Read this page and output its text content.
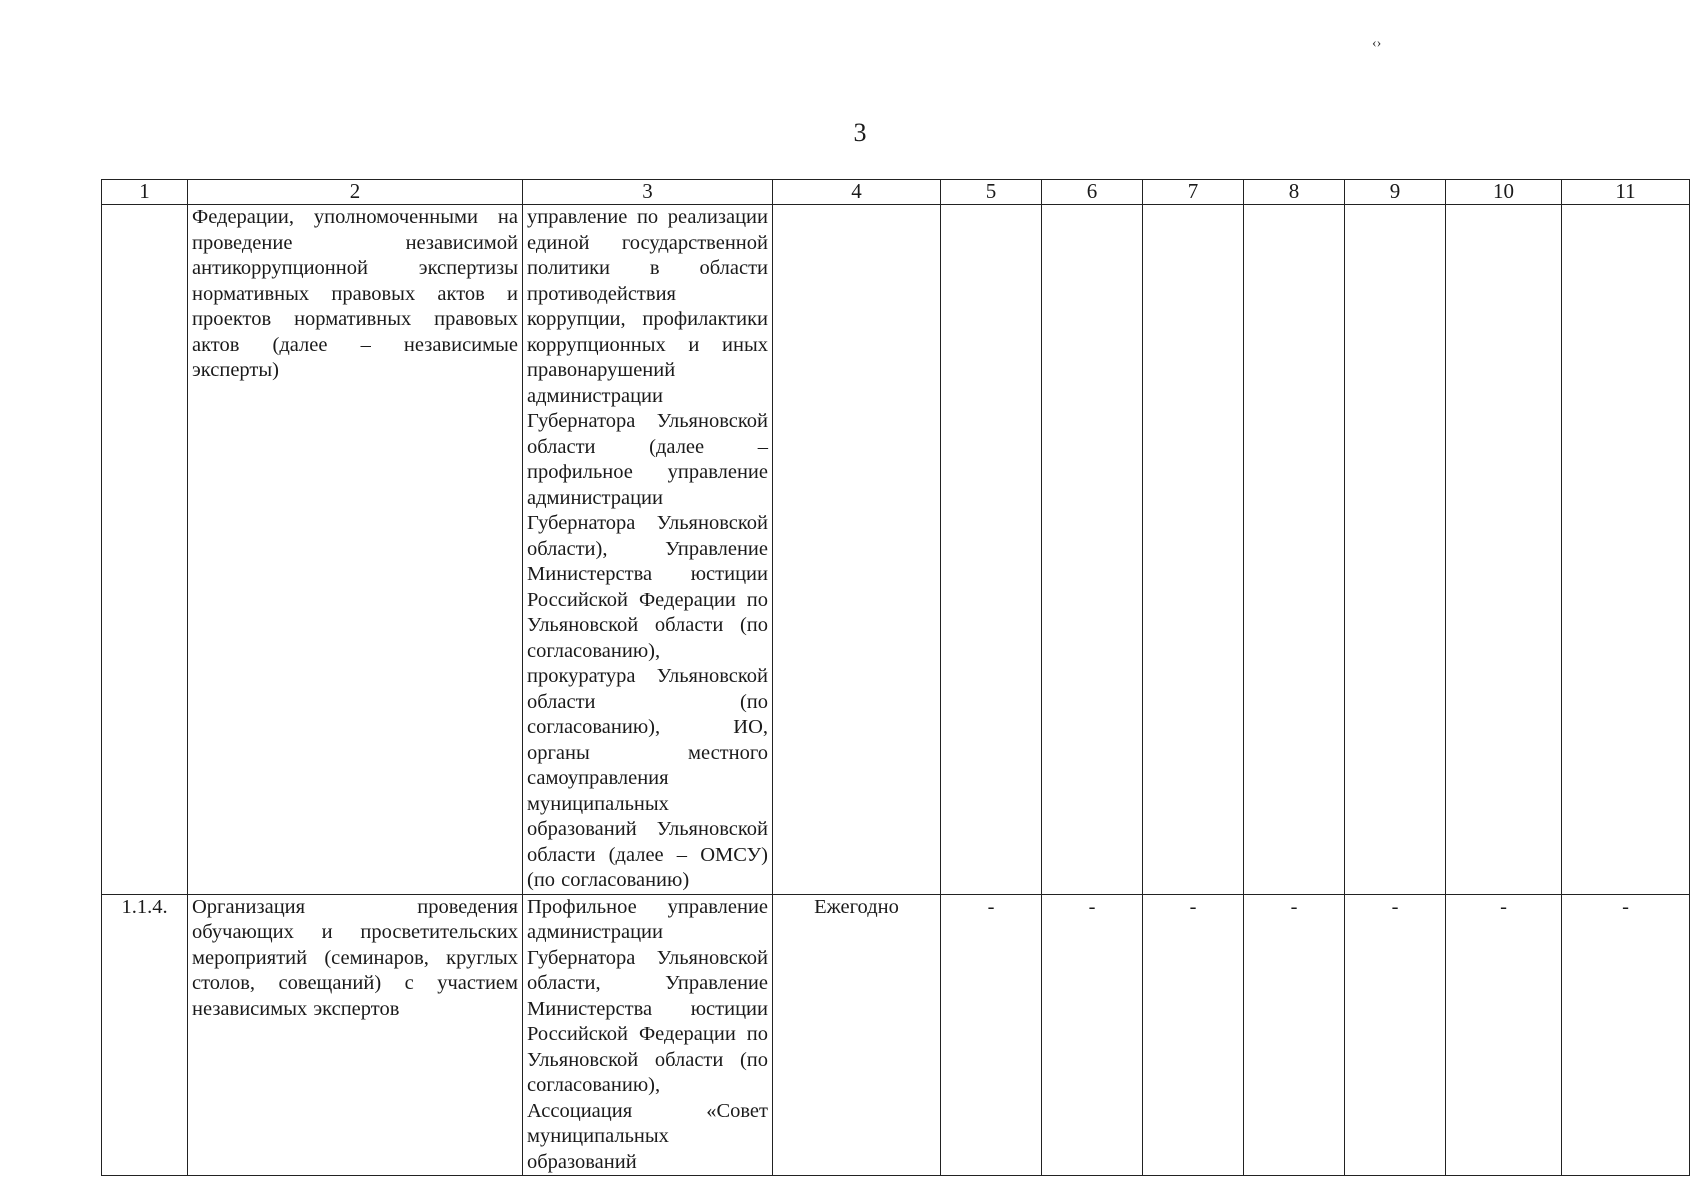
3
‹›
1	2	3	4	5	6	7	8	9	10	11
	Федерации, уполномоченными на проведение независимой антикоррупционной экспертизы нормативных правовых актов и проектов нормативных правовых актов (далее – независимые эксперты)	управление по реализации единой государственной политики в области противодействия коррупции, профилактики коррупционных и иных правонарушений администрации Губернатора Ульяновской области (далее – профильное управление администрации Губернатора Ульяновской области), Управление Министерства юстиции Российской Федерации по Ульяновской области (по согласованию), прокуратура Ульяновской области (по согласованию), ИО, органы местного самоуправления муниципальных образований Ульяновской области (далее – ОМСУ) (по согласованию)								
1.1.4.	Организация проведения обучающих и просветительских мероприятий (семинаров, круглых столов, совещаний) с участием независимых экспертов	Профильное управление администрации Губернатора Ульяновской области, Управление Министерства юстиции Российской Федерации по Ульяновской области (по согласованию), Ассоциация «Совет муниципальных образований	Ежегодно	-	-	-	-	-	-	-
